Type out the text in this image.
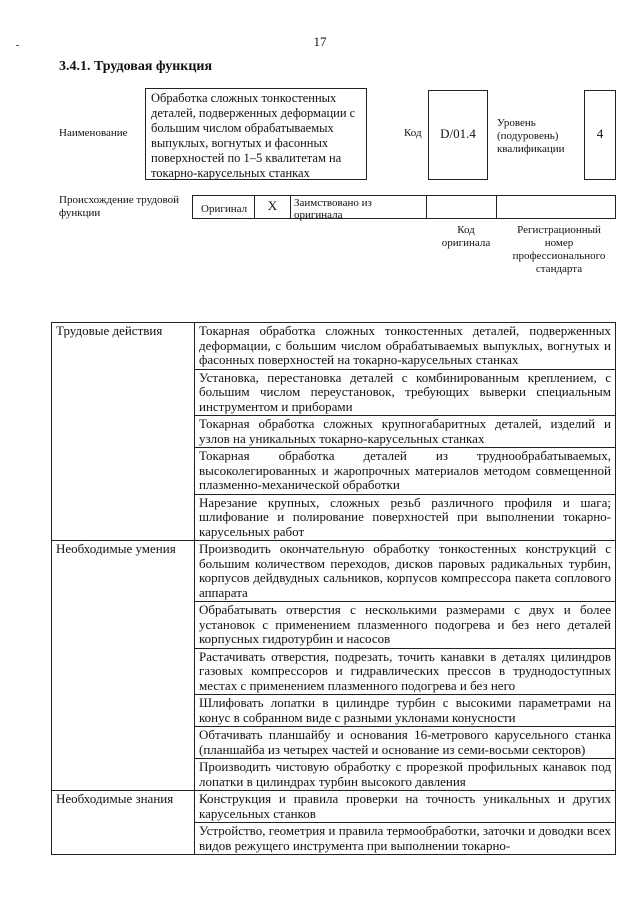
17
3.4.1. Трудовая функция
Наименование
Обработка сложных тонкостенных деталей, подверженных деформации с большим числом обрабатываемых выпуклых, вогнутых и фасонных поверхностей по 1–5 квалитетам на токарно-карусельных станках
Код	D/01.4
Уровень (подуровень) квалификации
4
Происхождение трудовой функции	Оригинал	X	Заимствовано из оригинала
Код оригинала
Регистрационный номер профессионального стандарта
Трудовые действия	Токарная обработка сложных тонкостенных деталей, подверженных деформации, с большим числом обрабатываемых выпуклых, вогнутых и фасонных поверхностей на токарно-карусельных станках
	Установка, перестановка деталей с комбинированным креплением, с большим числом переустановок, требующих выверки специальным инструментом и приборами
	Токарная обработка сложных крупногабаритных деталей, изделий и узлов на уникальных токарно-карусельных станках
	Токарная обработка деталей из труднообрабатываемых, высоколегированных и жаропрочных материалов методом совмещенной плазменно-механической обработки
	Нарезание крупных, сложных резьб различного профиля и шага; шлифование и полирование поверхностей при выполнении токарно-карусельных работ
Необходимые умения	Производить окончательную обработку тонкостенных конструкций с большим количеством переходов, дисков паровых радикальных турбин, корпусов дейдвудных сальников, корпусов компрессора пакета соплового аппарата
	Обрабатывать отверстия с несколькими размерами с двух и более установок с применением плазменного подогрева и без него деталей корпусных гидротурбин и насосов
	Растачивать отверстия, подрезать, точить канавки в деталях цилиндров газовых компрессоров и гидравлических прессов в труднодоступных местах с применением плазменного подогрева и без него
	Шлифовать лопатки в цилиндре турбин с высокими параметрами на конус в собранном виде с разными уклонами конусности
	Обтачивать планшайбу и основания 16-метрового карусельного станка (планшайба из четырех частей и основание из семи-восьми секторов)
	Производить чистовую обработку с прорезкой профильных канавок под лопатки в цилиндрах турбин высокого давления
Необходимые знания	Конструкция и правила проверки на точность уникальных и других карусельных станков
	Устройство, геометрия и правила термообработки, заточки и доводки всех видов режущего инструмента при выполнении токарно-
